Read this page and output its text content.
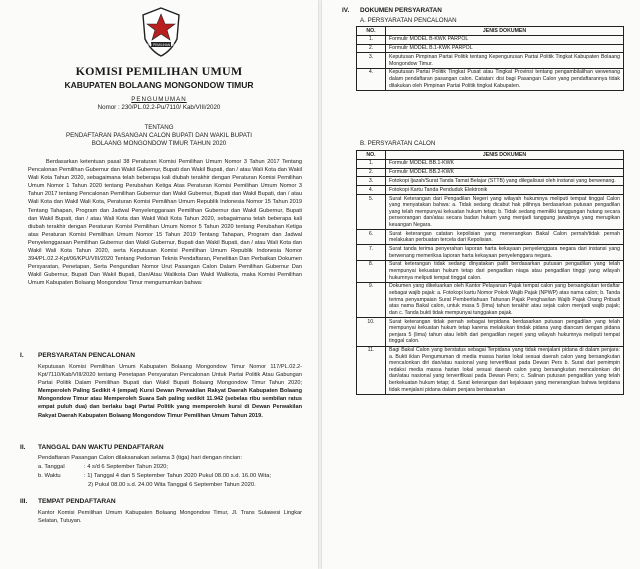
KOMISI PEMILIHAN UMUM
KOMISI PEMILIHAN UMUM
KABUPATEN BOLAANG MONGONDOW TIMUR
PENGUMUMAN
Nomor : 230/PL.02.2-Pu/7110/ Kab/VIII/2020
TENTANG
PENDAFTARAN PASANGAN CALON BUPATI DAN WAKIL BUPATI
BOLAANG MONGONDOW TIMUR TAHUN 2020
Berdasarkan ketentuan pasal 38 Peraturan Komisi Pemilihan Umum Nomor 3 Tahun 2017 Tentang Pencalonan Pemilihan Gubernur dan Wakil Gubernur, Bupati dan Wakil Bupati, dan / atau Wali Kota dan Wakil Wali Kota Tahun 2020, sebagaimana telah beberapa kali diubah terakhir dengan Peraturan Komisi Pemilihan Umum Nomor 1 Tahun 2020 tentang Perubahan Ketiga Atas Peraturan Komisi Pemilihan Umum Nomor 3 Tahun 2017 tentang Pencalonan Pemilihan Gubernur dan Wakil Gubernur, Bupati dan Wakil Bupati, dan / atau Wali Kota dan Wakil Wali Kota, Peraturan Komisi Pemilihan Umum Republik Indonesia Nomor 15 Tahun 2019 Tentang Tahapan, Program dan Jadwal Penyelenggaraan Pemilihan Gubernur dan Wakil Gubernur, Bupati dan Wakil Bupati, dan / atau Wali Kota dan Wakil Wali Kota Tahun 2020, sebagaimana telah beberapa kali diubah terakhir dengan Peraturan Komisi Pemilihan Umum Nomor 5 Tahun 2020 tentang Perubahan Ketiga atas Peraturan Komisi Pemilihan Umum Nomor 15 Tahun 2019 Tentang Tahapan, Program dan Jadwal Penyelenggaraan Pemilihan Gubernur dan Wakil Gubernur, Bupati dan Wakil Bupati, dan / atau Wali Kota dan Wakil Wali Kota Tahun 2020, serta Keputusan Komisi Pemilihan Umum Republik Indonesia Nomor 394/PL.02.2-Kpt/06/KPU/VIII/2020 Tentang Pedoman Teknis Pendaftaran, Penelitian Dan Perbaikan Dokumen Persyaratan, Penetapan, Serta Pengundian Nomor Urut Pasangan Calon Dalam Pemilihan Gubernur Dan Wakil Gubernur, Bupati Dan Wakil Bupati, Dan/Atau Walikota Dan Wakil Walikota, maka Komisi Pemilihan Umum Kabupaten Bolaang Mongondow Timur mengumumkan bahwa:
I. PERSYARATAN PENCALONAN
Keputusan Komisi Pemilihan Umum Kabupaten Bolaang Mongondow Timur Nomor 117/PL.02.2-Kpt/7110/Kab/VIII/2020 tentang Penetapan Persyaratan Pencalonan Untuk Partai Politik Atau Gabungan Partai Politik Dalam Pemilihan Bupati dan Wakil Bupati Bolaang Mongondow Timur Tahun 2020; Memperoleh Paling Sedikit 4 (empat) Kursi Dewan Perwakilan Rakyat Daerah Kabupaten Bolaang Mongondow Timur atau Memperoleh Suara Sah paling sedikit 11.942 (sebelas ribu sembilan ratus empat puluh dua) dan berlaku bagi Partai Politik yang memperoleh kursi di Dewan Perwakilan Rakyat Daerah Kabupaten Bolaang Mongondow Timur Pemilihan Umum Tahun 2019.
II. TANGGAL DAN WAKTU PENDAFTARAN
Pendaftaran Pasangan Calon dilaksanakan selama 3 (tiga) hari dengan rincian:
a. Tanggal	: 4 s/d 6 September Tahun 2020;
b. Waktu	: 1) Tanggal 4 dan 5 September Tahun 2020 Pukul 08.00 s.d. 16.00 Wita;
2) Pukul 08.00 s.d. 24.00 Wita Tanggal 6 September Tahun 2020.
III. TEMPAT PENDAFTARAN
Kantor Komisi Pemilihan Umum Kabupaten Bolaang Mongondow Timur, Jl. Trans Sulawesi Lingkar Selatan, Tutuyan.
IV. DOKUMEN PERSYARATAN
A. PERSYARATAN PENCALONAN
NO.	JENIS DOKUMEN
1.	Formulir MODEL B-KWK PARPOL
2.	Formulir MODEL B.1-KWK PARPOL
3.	Keputusan Pimpinan Partai Politik tentang Kepengurusan Partai Politik Tingkat Kabupaten Bolaang Mongondow Timur.
4.	Keputusan Partai Politik Tingkat Pusat atau Tingkat Provinsi tentang pengambilalihan wewenang dalam pendaftaran pasangan calon. Catatan: disi bagi Pasangan Calon yang pendaftarannya tidak dilakukan oleh Pimpinan Partai Politik tingkat Kabupaten.
B. PERSYARATAN CALON
NO.	JENIS DOKUMEN
1.	Formulir MODEL BB.1-KWK
2.	Formulir MODEL BB.2-KWK
3.	Fotokopi Ijazah/Surat Tanda Tamat Belajar (STTB) yang dilegalisasi oleh instansi yang berwenang.
4.	Fotokopi Kartu Tanda Penduduk Elektronik
5.	Surat Keterangan dari Pengadilan Negeri yang wilayah hukumnya meliputi tempat tinggal Calon yang menyatakan bahwa: a. Tidak sedang dicabut hak pilihnya berdasarkan putusan pengadilan yang telah mempunyai kekuatan hukum tetap; b. Tidak sedang memiliki tanggungan hutang secara perseorangan dan/atau secara badan hukum yang menjadi tanggung jawabnya yang merugikan keuangan Negara.
6.	Surat keterangan catatan kepolisian yang menerangkan Bakal Calon pernah/tidak pernah melakukan perbuatan tercela dari Kepolisian.
7.	Surat tanda terima penyerahan laporan harta kekayaan penyelenggara negara dari instansi yang berwenang memeriksa laporan harta kekayaan penyelenggara negara.
8.	Surat keterangan tidak sedang dinyatakan pailit berdasarkan putusan pengadilan yang telah mempunyai kekuatan hukum tetap dari pengadilan niaga atau pengadilan tinggi yang wilayah hukumnya meliputi tempat tinggal calon.
9.	Dokumen yang dikeluarkan oleh Kantor Pelayanan Pajak tempat calon yang bersangkutan terdaftar sebagai wajib pajak: a. Fotokopi kartu Nomor Pokok Wajib Pajak (NPWP) atas nama calon; b. Tanda terima penyampaian Surat Pemberitahuan Tahunan Pajak Penghasilan Wajib Pajak Orang Pribadi atas nama Bakal calon, untuk masa 5 (lima) tahun terakhir atau sejak calon menjadi wajib pajak; dan c. Tanda bukti tidak mempunyai tunggakan pajak.
10.	Surat keterangan tidak pernah sebagai terpidana berdasarkan putusan pengadilan yang telah mempunyai kekuatan hukum tetap karena melakukan tindak pidana yang diancam dengan pidana penjara 5 (lima) tahun atau lebih dari pengadilan negeri yang wilayah hukumnya meliputi tempat tinggal calon.
11.	Bagi Bakal Calon yang berstatus sebagai Terpidana yang tidak menjalani pidana di dalam penjara: a. Bukti iklan Pengumuman di media massa harian lokal sesuai daerah calon yang bersangkutan mencalonkan diri dan/atau nasional yang terverifikasi pada Dewan Pers b. Surat dari pemimpin redaksi media massa harian lokal sesuai daerah calon yang bersangkutan mencalonkan diri dan/atau nasional yang terverifikasi pada Dewan Pers; c. Salinan putusan pengadilan yang telah berkekuatan hukum tetap; d. Surat keterangan dari kejaksaan yang menerangkan bahwa terpidana tidak menjalani pidana dalam penjara berdasarkan
